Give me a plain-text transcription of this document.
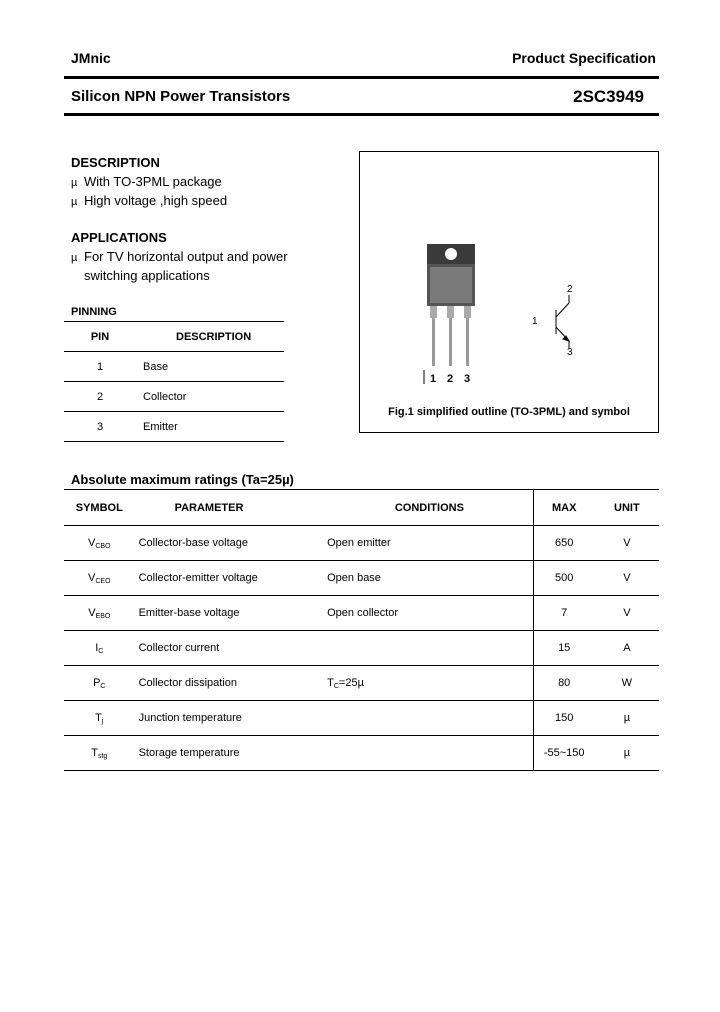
JMnic	Product Specification
Silicon NPN Power Transistors	2SC3949
DESCRIPTION
µ With TO-3PML package
µ High voltage ,high speed
APPLICATIONS
µ For TV horizontal output and power
switching applications
PINNING
PIN	DESCRIPTION
1	Base
2	Collector
3	Emitter
1 2 3
1
2
3
Fig.1 simplified outline (TO-3PML) and symbol
Absolute maximum ratings (Ta=25µ)
SYMBOL	PARAMETER	CONDITIONS	MAX	UNIT
$V_{CBO}$	Collector-base voltage	Open emitter	650	V
$V_{CEO}$	Collector-emitter voltage	Open base	500	V
$V_{EBO}$	Emitter-base voltage	Open collector	7	V
$I_C$	Collector current		15	A
$P_C$	Collector dissipation	$T_C=25\mu$	80	W
$T_j$	Junction temperature		150	µ
$T_{stg}$	Storage temperature		-55~150	µ
